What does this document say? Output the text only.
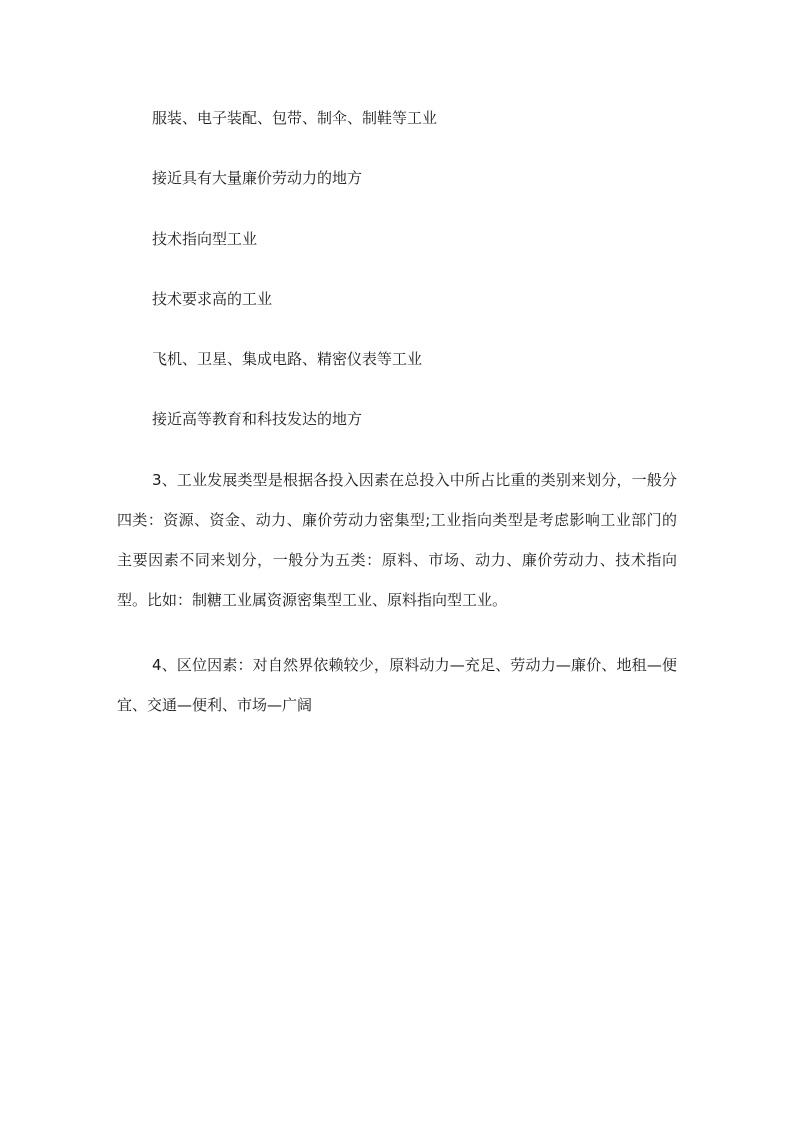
服装、电子装配、包带、制伞、制鞋等工业

接近具有大量廉价劳动力的地方

技术指向型工业

技术要求高的工业

飞机、卫星、集成电路、精密仪表等工业

接近高等教育和科技发达的地方

3、工业发展类型是根据各投入因素在总投入中所占比重的类别来划分，一般分四类：资源、资金、动力、廉价劳动力密集型;工业指向类型是考虑影响工业部门的主要因素不同来划分，一般分为五类：原料、市场、动力、廉价劳动力、技术指向型。比如：制糖工业属资源密集型工业、原料指向型工业。

4、区位因素：对自然界依赖较少，原料动力—充足、劳动力—廉价、地租—便宜、交通—便利、市场—广阔
